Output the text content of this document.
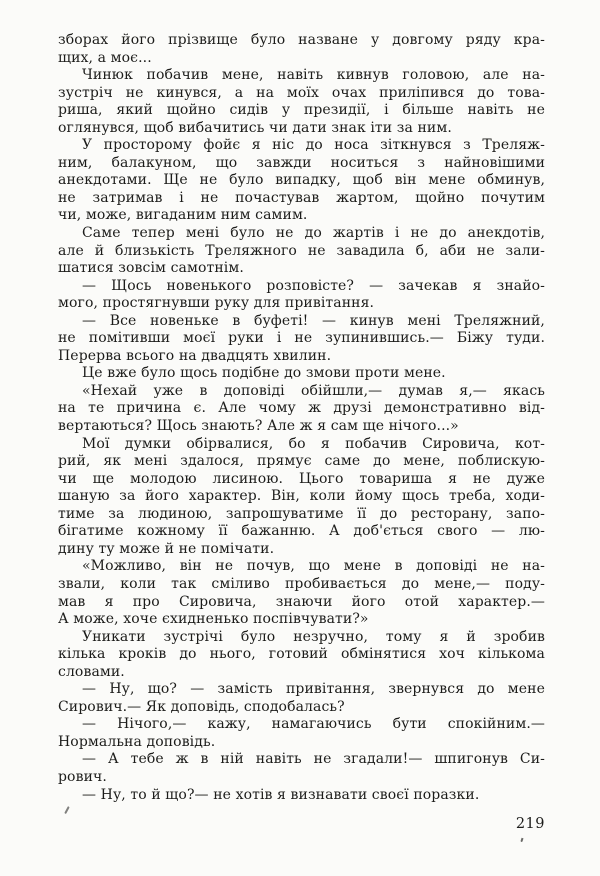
зборах його прізвище було назване у довгому ряду кра-
щих, а моє...
Чинюк побачив мене, навіть кивнув головою, але на-
зустріч не кинувся, а на моїх очах приліпився до това-
риша, який щойно сидів у президії, і більше навіть не
оглянувся, щоб вибачитись чи дати знак іти за ним.
У просторому фойє я ніс до носа зіткнувся з Треляж-
ним, балакуном, що завжди носиться з найновішими
анекдотами. Ще не було випадку, щоб він мене обминув,
не затримав і не почастував жартом, щойно почутим
чи, може, вигаданим ним самим.
Саме тепер мені було не до жартів і не до анекдотів,
але й близькість Треляжного не завадила б, аби не зали-
шатися зовсім самотнім.
— Щось новенького розповісте? — зачекав я знайо-
мого, простягнувши руку для привітання.
— Все новеньке в буфеті! — кинув мені Треляжний,
не помітивши моєї руки і не зупинившись.— Біжу туди.
Перерва всього на двадцять хвилин.
Це вже було щось подібне до змови проти мене.
«Нехай уже в доповіді обійшли,— думав я,— якась
на те причина є. Але чому ж друзі демонстративно від-
вертаються? Щось знають? Але ж я сам ще нічого...»
Мої думки обірвалися, бо я побачив Сировича, кот-
рий, як мені здалося, прямує саме до мене, поблискую-
чи ще молодою лисиною. Цього товариша я не дуже
шаную за його характер. Він, коли йому щось треба, ходи-
тиме за людиною, запрошуватиме її до ресторану, запо-
бігатиме кожному її бажанню. А доб'ється свого — лю-
дину ту може й не помічати.
«Можливо, він не почув, що мене в доповіді не на-
звали, коли так сміливо пробивається до мене,— поду-
мав я про Сировича, знаючи його отой характер.—
А може, хоче єхидненько поспівчувати?»
Уникати зустрічі було незручно, тому я й зробив
кілька кроків до нього, готовий обмінятися хоч кількома
словами.
— Ну, що? — замість привітання, звернувся до мене
Сирович.— Як доповідь, сподобалась?
— Нічого,— кажу, намагаючись бути спокійним.—
Нормальна доповідь.
— А тебе ж в ній навіть не згадали!— шпигонув Си-
рович.
— Ну, то й що?— не хотів я визнавати своєї поразки.
219
